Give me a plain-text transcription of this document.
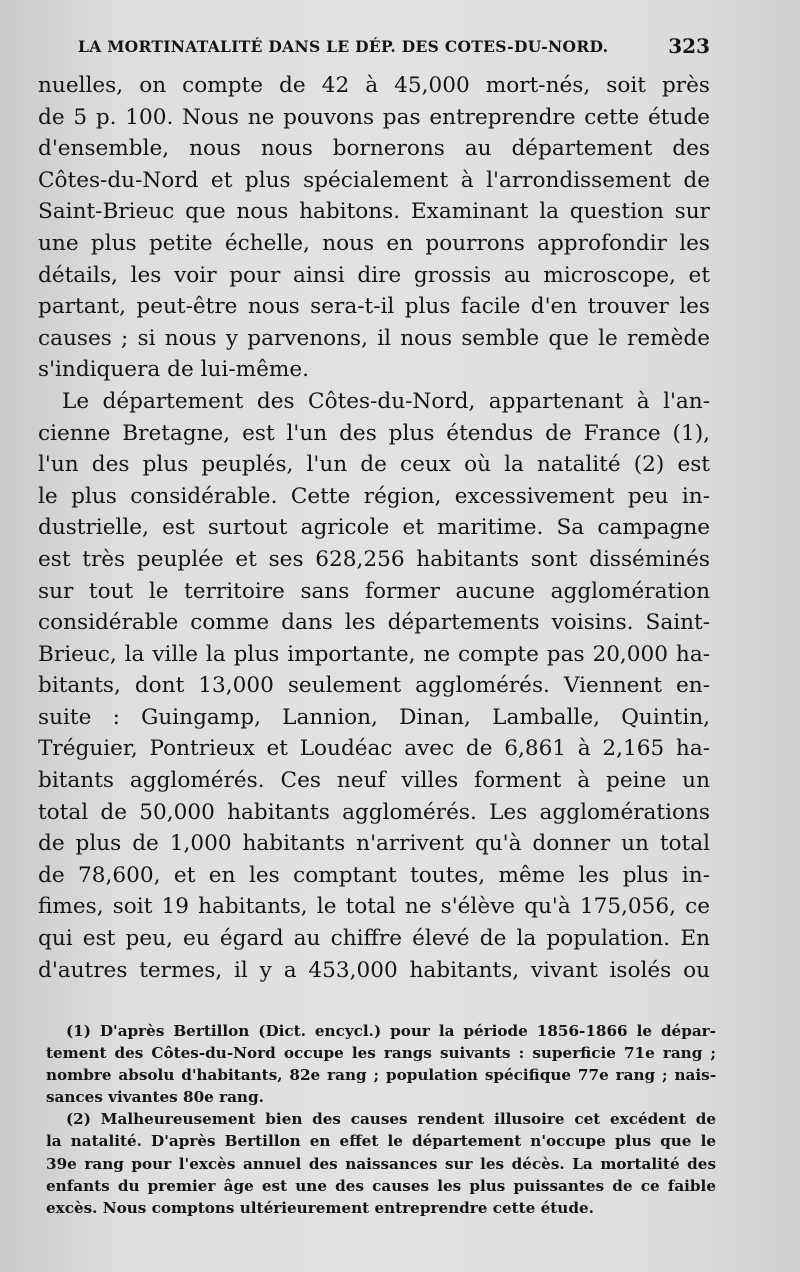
LA MORTINATALITÉ DANS LE DÉP. DES COTES-DU-NORD.	323
nuelles, on compte de 42 à 45,000 mort-nés, soit près
de 5 p. 100. Nous ne pouvons pas entreprendre cette étude
d'ensemble, nous nous bornerons au département des
Côtes-du-Nord et plus spécialement à l'arrondissement de
Saint-Brieuc que nous habitons. Examinant la question sur
une plus petite échelle, nous en pourrons approfondir les
détails, les voir pour ainsi dire grossis au microscope, et
partant, peut-être nous sera-t-il plus facile d'en trouver les
causes ; si nous y parvenons, il nous semble que le remède
s'indiquera de lui-même.
Le département des Côtes-du-Nord, appartenant à l'an-
cienne Bretagne, est l'un des plus étendus de France (1),
l'un des plus peuplés, l'un de ceux où la natalité (2) est
le plus considérable. Cette région, excessivement peu in-
dustrielle, est surtout agricole et maritime. Sa campagne
est très peuplée et ses 628,256 habitants sont disséminés
sur tout le territoire sans former aucune agglomération
considérable comme dans les départements voisins. Saint-
Brieuc, la ville la plus importante, ne compte pas 20,000 ha-
bitants, dont 13,000 seulement agglomérés. Viennent en-
suite : Guingamp, Lannion, Dinan, Lamballe, Quintin,
Tréguier, Pontrieux et Loudéac avec de 6,861 à 2,165 ha-
bitants agglomérés. Ces neuf villes forment à peine un
total de 50,000 habitants agglomérés. Les agglomérations
de plus de 1,000 habitants n'arrivent qu'à donner un total
de 78,600, et en les comptant toutes, même les plus in-
fimes, soit 19 habitants, le total ne s'élève qu'à 175,056, ce
qui est peu, eu égard au chiffre élevé de la population. En
d'autres termes, il y a 453,000 habitants, vivant isolés ou
(1) D'après Bertillon (Dict. encycl.) pour la période 1856-1866 le dépar-
tement des Côtes-du-Nord occupe les rangs suivants : superficie 71e rang ;
nombre absolu d'habitants, 82e rang ; population spécifique 77e rang ; nais-
sances vivantes 80e rang.
(2) Malheureusement bien des causes rendent illusoire cet excédent de
la natalité. D'après Bertillon en effet le département n'occupe plus que le
39e rang pour l'excès annuel des naissances sur les décès. La mortalité des
enfants du premier âge est une des causes les plus puissantes de ce faible
excès. Nous comptons ultérieurement entreprendre cette étude.
